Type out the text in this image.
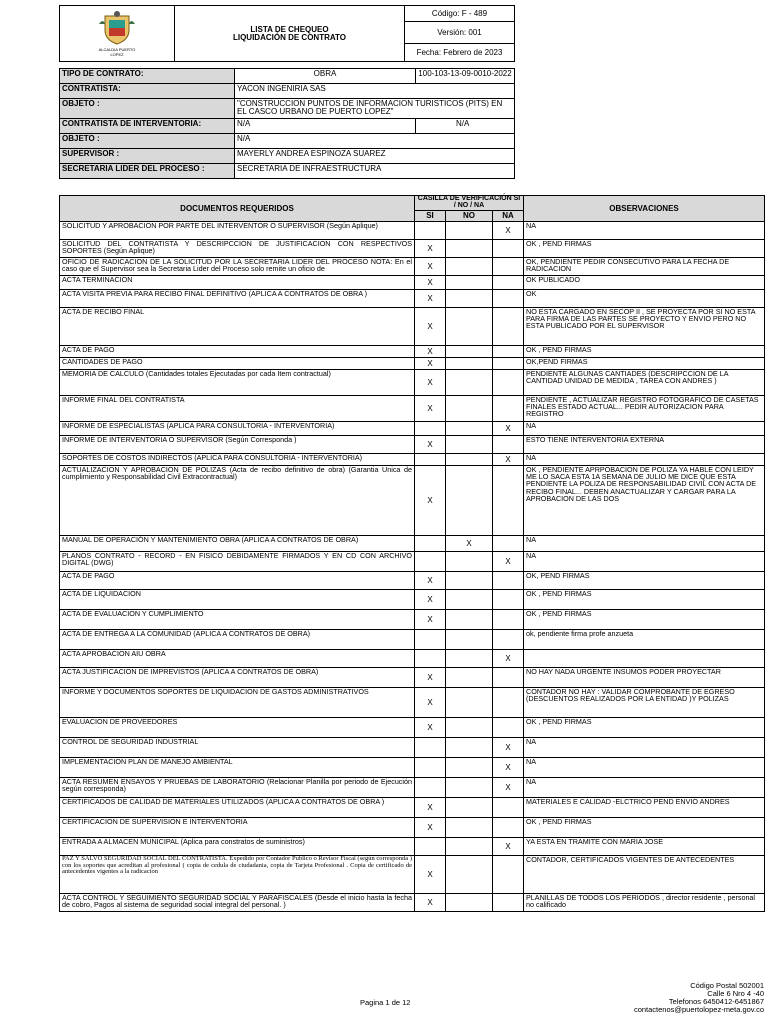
ALCALDIA PUERTO LOPEZ

LISTA DE CHEQUEO
LIQUIDACIÓN DE CONTRATO
	Código: F - 489
Versión: 001
Fecha: Febrero de 2023
TIPO DE CONTRATO:	OBRA	100-103-13-09-0010-2022
CONTRATISTA:	YACON INGENIRIA SAS	
OBJETO :	"CONSTRUCCION PUNTOS DE INFORMACION TURISTICOS (PITS) EN EL CASCO URBANO DE PUERTO LOPEZ"	
CONTRATISTA DE INTERVENTORIA:	N/A	N/A
OBJETO :	N/A	
SUPERVISOR :	MAYERLY ANDREA ESPINOZA SUAREZ	
SECRETARIA LIDER DEL PROCESO :	SECRETARIA DE INFRAESTRUCTURA	
DOCUMENTOS REQUERIDOS	CASILLA DE VERIFICACIÓN SI / NO / NA			OBSERVACIONES
	SI	NO	NA	
SOLICITUD Y APROBACION POR PARTE DEL INTERVENTOR O SUPERVISOR (Según Aplique)			X	NA
SOLICITUD DEL CONTRATISTA Y DESCRIPCCION DE JUSTIFICACION CON RESPECTIVOS SOPORTES (Según Aplique)	X			OK , PEND FIRMAS
OFICIO DE RADICACION DE LA SOLICITUD POR LA SECRETARIA LIDER DEL PROCESO NOTA: En el caso que el Supervisor sea la Secretaria Lider del Proceso solo remite un oficio de	X			OK, PENDIENTE PEDIR CONSECUTIVO PARA LA FECHA DE RADICACION
ACTA TERMINACION	X			OK PUBLICADO
ACTA VISITA PREVIA PARA RECIBO FINAL DEFINITIVO (APLICA A CONTRATOS DE OBRA )	X			OK
ACTA DE RECIBO FINAL	X			NO ESTA CARGADO EN SECOP II , SE PROYECTA POR SI NO ESTA PARA FIRMA DE LAS PARTES SE PROYECTO Y ENVIO PERO NO ESTA PUBLICADO POR EL SUPERVISOR
ACTA DE PAGO	X			OK , PEND FIRMAS
CANTIDADES DE PAGO	X			OK,PEND FIRMAS
MEMORIA DE CALCULO (Cantidades totales Ejecutadas por cada Item contractual)	X			PENDIENTE ALGUNAS CANTIADES (DESCRIPCCION DE LA CANTIDAD UNIDAD DE MEDIDA , TAREA CON ANDRES )
INFORME FINAL DEL CONTRATISTA	X			PENDIENTE , ACTUALIZAR REGISTRO FOTOGRAFICO DE CASETAS FINALES ESTADO ACTUAL... PEDIR AUTORIZACION PARA REGISTRO
INFORME DE ESPECIALISTAS (APLICA PARA CONSULTORIA - INTERVENTORIA)			X	NA
INFORME DE INTERVENTORIA O SUPERVISOR (Según Corresponda )	X			ESTO TIENE INTERVENTORIA EXTERNA
SOPORTES DE COSTOS INDIRECTOS (APLICA PARA CONSULTORIA - INTERVENTORIA)			X	NA
ACTUALIZACION Y APROBACION DE POLIZAS (Acta de recibo definitivo de obra) (Garantia Unica de cumplimiento y Responsabilidad Civil Extracontractual)	X			OK , PENDIENTE APRPOBACION DE POLIZA YA HABLE CON LEIDY ME LO SACA ESTA 1A SEMANA DE JULIO ME DICE QUE ESTA PENDIENTE LA POLIZA DE RESPONSABILIDAD CIVIL CON ACTA DE RECIBO FINAL... DEBEN ANACTUALIZAR Y CARGAR PARA LA APROBACION DE LAS DOS
MANUAL DE OPERACIÓN Y MANTENIMIENTO OBRA (APLICA A CONTRATOS DE OBRA)		X		NA
PLANOS CONTRATO - RECORD - EN FISICO DEBIDAMENTE FIRMADOS Y EN CD CON ARCHIVO DIGITAL (DWG)			X	NA
ACTA DE PAGO	X			OK, PEND FIRMAS
ACTA DE LIQUIDACION	X			OK , PEND FIRMAS
ACTA DE EVALUACION Y CUMPLIMIENTO	X			OK , PEND FIRMAS
ACTA DE ENTREGA A LA COMUNIDAD (APLICA A CONTRATOS DE OBRA)				ok, pendiente firma profe anzueta
ACTA APROBACION AIU OBRA			X	
ACTA JUSTIFICACION DE IMPREVISTOS (APLICA A CONTRATOS DE OBRA)	X			NO HAY NADA URGENTE INSUMOS PODER PROYECTAR
INFORME Y DOCUMENTOS SOPORTES DE LIQUIDACION DE GASTOS ADMINISTRATIVOS	X			CONTADOR NO HAY : VALIDAR COMPROBANTE DE EGRESO (DESCUENTOS REALIZADOS POR LA ENTIDAD )Y POLIZAS
EVALUACION DE PROVEEDORES	X			OK , PEND FIRMAS
CONTROL DE SEGURIDAD INDUSTRIAL			X	NA
IMPLEMENTACION PLAN DE MANEJO AMBIENTAL			X	NA
ACTA RESUMEN ENSAYOS Y PRUEBAS DE LABORATORIO (Relacionar Planilla por periodo de Ejecución según corresponda)			X	NA
CERTIFICADOS DE CALIDAD DE MATERIALES UTILIZADOS (APLICA A CONTRATOS DE OBRA )	X			MATERIALES E CALIDAD -ELCTRICO PEND ENVIO ANDRES
CERTIFICACION DE SUPERVISION E INTERVENTORIA	X			OK , PEND FIRMAS
ENTRADA A ALMACEN MUNICIPAL (Aplica para constratos de suministros)			X	YA ESTA EN TRAMITE CON MARIA JOSE
PAZ Y SALVO SEGURIDAD SOCIAL DEL CONTRATISTA. Expedido por Contador Publico o Revisor Fiscal (según corresponda ) con los soportes que acreditan al profesional ( copia de cedula de ciudadania, copia de Tarjeta Profesional . Copia de certificado de antecedentes vigentes a la radicacion	X			CONTADOR, CERTIFICADOS VIGENTES DE ANTECEDENTES
ACTA CONTROL Y SEGUIMIENTO SEGURIDAD SOCIAL Y PARAFISCALES (Desde el inicio hasta la fecha de cobro, Pagos al sistema de seguridad social integral del personal. )	X			PLANILLAS DE TODOS LOS PERIODOS , director residente , personal no calificado
Pagina 1 de 12
Código Postal 502001
Calle 6 Nro 4 -40
Telefonos 6450412-6451867
contactenos@puertolopez-meta.gov.co
